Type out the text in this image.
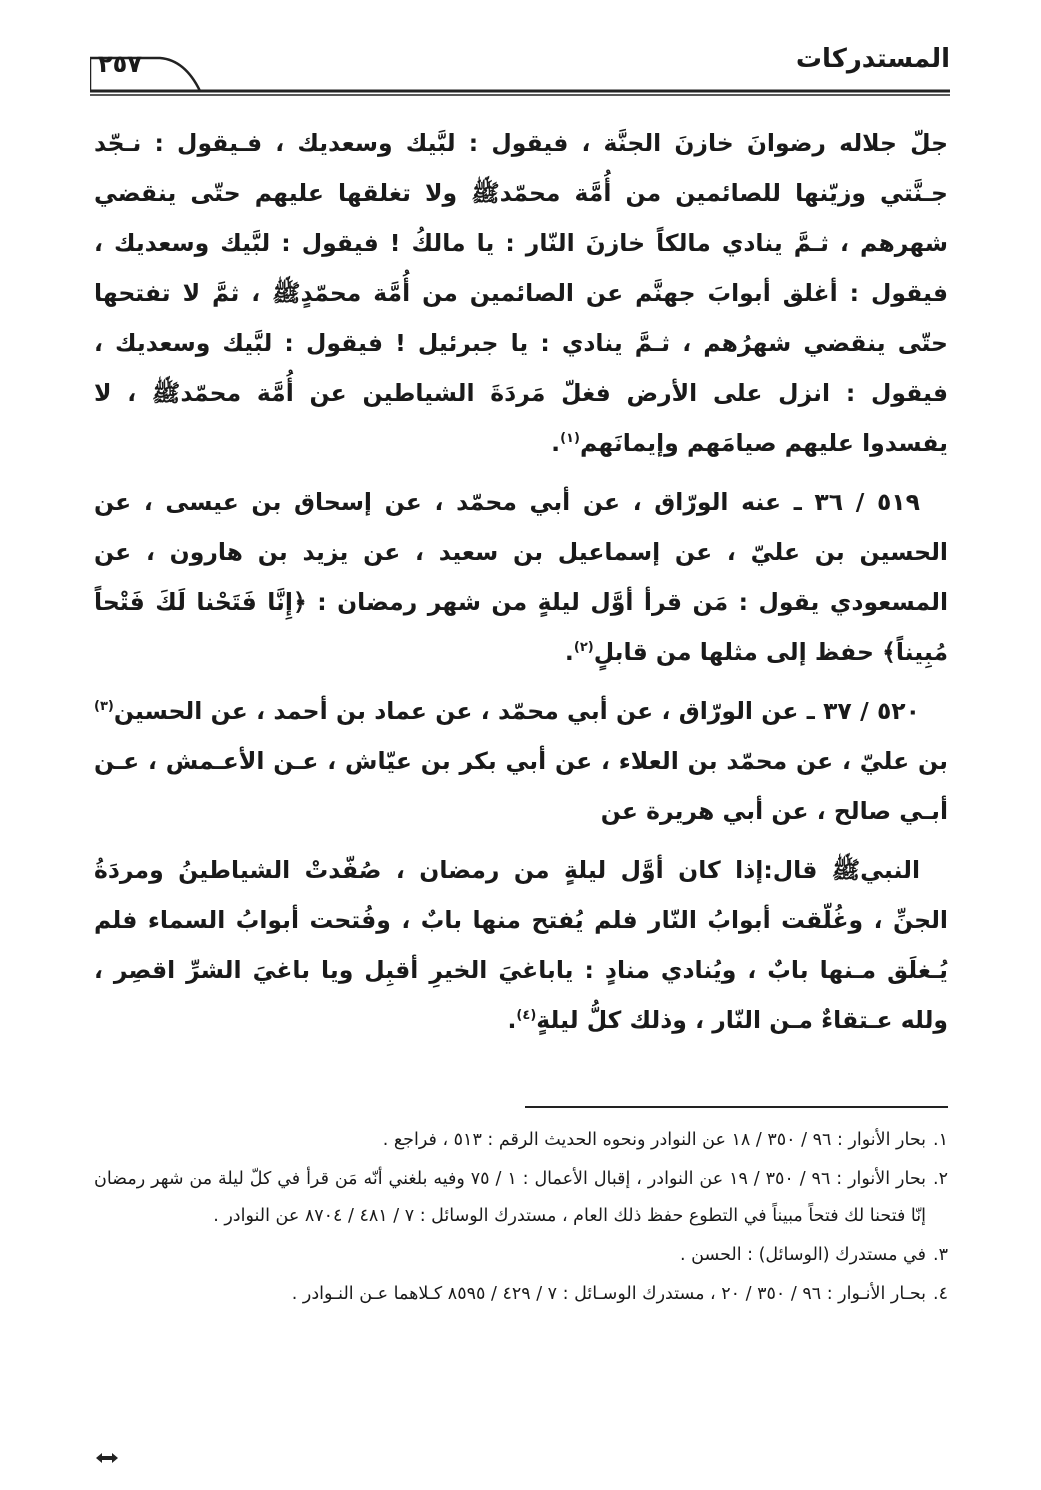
٢٥٧	المستدركات

جلّ جلاله رضوانَ خازنَ الجنَّة ، فيقول : لبَّيك وسعديك ، فـيقول : نـجّد جـنَّتي وزيّنها للصائمين من أُمَّة محمّدﷺ ولا تغلقها عليهم حتّى ينقضي شهرهم ، ثـمَّ ينادي مالكاً خازنَ النّار : يا مالكُ ! فيقول : لبَّيك وسعديك ، فيقول : أغلق أبوابَ جهنَّم عن الصائمين من أُمَّة محمّدٍﷺ ، ثمَّ لا تفتحها حتّى ينقضي شهرُهم ، ثـمَّ ينادي : يا جبرئيل ! فيقول : لبَّيك وسعديك ، فيقول : انزل على الأرض فغلّ مَردَةَ الشياطين عن أُمَّة محمّدﷺ ، لا يفسدوا عليهم صيامَهم وإيمانَهم$^{(١)}$.

٥١٩ / ٣٦ ـ عنه الورّاق ، عن أبي محمّد ، عن إسحاق بن عيسى ، عن الحسين بن عليّ ، عن إسماعيل بن سعيد ، عن يزيد بن هارون ، عن المسعودي يقول : مَن قرأ أوَّل ليلةٍ من شهر رمضان : ﴿إِنَّا فَتَحْنا لَكَ فَتْحاً مُبِيناً﴾ حفظ إلى مثلها من قابلٍ$^{(٢)}$.

٥٢٠ / ٣٧ ـ عن الورّاق ، عن أبي محمّد ، عن عماد بن أحمد ، عن الحسين$^{(٣)}$ بن عليّ ، عن محمّد بن العلاء ، عن أبي بكر بن عيّاش ، عـن الأعـمش ، عـن أبـي صالح ، عن أبي هريرة عن

النبيﷺ قال:إذا كان أوَّل ليلةٍ من رمضان ، صُفّدتْ الشياطينُ ومردَةُ الجنِّ ، وغُلّقت أبوابُ النّار فلم يُفتح منها بابٌ ، وفُتحت أبوابُ السماء فلم يُـغلَق مـنها بابٌ ، ويُنادي منادٍ : ياباغيَ الخيرِ أقبِل ويا باغيَ الشرِّ اقصِر ، ولله عـتقاءٌ مـن النّار ، وذلك كلُّ ليلةٍ$^{(٤)}$.

١.
بحار الأنوار : ٩٦ / ٣٥٠ / ١٨ عن النوادر ونحوه الحديث الرقم : ٥١٣ ، فراجع .
٢.
بحار الأنوار : ٩٦ / ٣٥٠ / ١٩ عن النوادر ، إقبال الأعمال : ١ / ٧٥ وفيه بلغني أنّه مَن قرأ في كلّ ليلة من شهر رمضان إنّا فتحنا لك فتحاً مبيناً في التطوع حفظ ذلك العام ، مستدرك الوسائل : ٧ / ٤٨١ / ٨٧٠٤ عن النوادر .
٣.
في مستدرك (الوسائل) : الحسن .
٤.
بحـار الأنـوار : ٩٦ / ٣٥٠ / ٢٠ ، مستدرك الوسـائل : ٧ / ٤٢٩ / ٨٥٩٥ كـلاهما عـن النـوادر .
